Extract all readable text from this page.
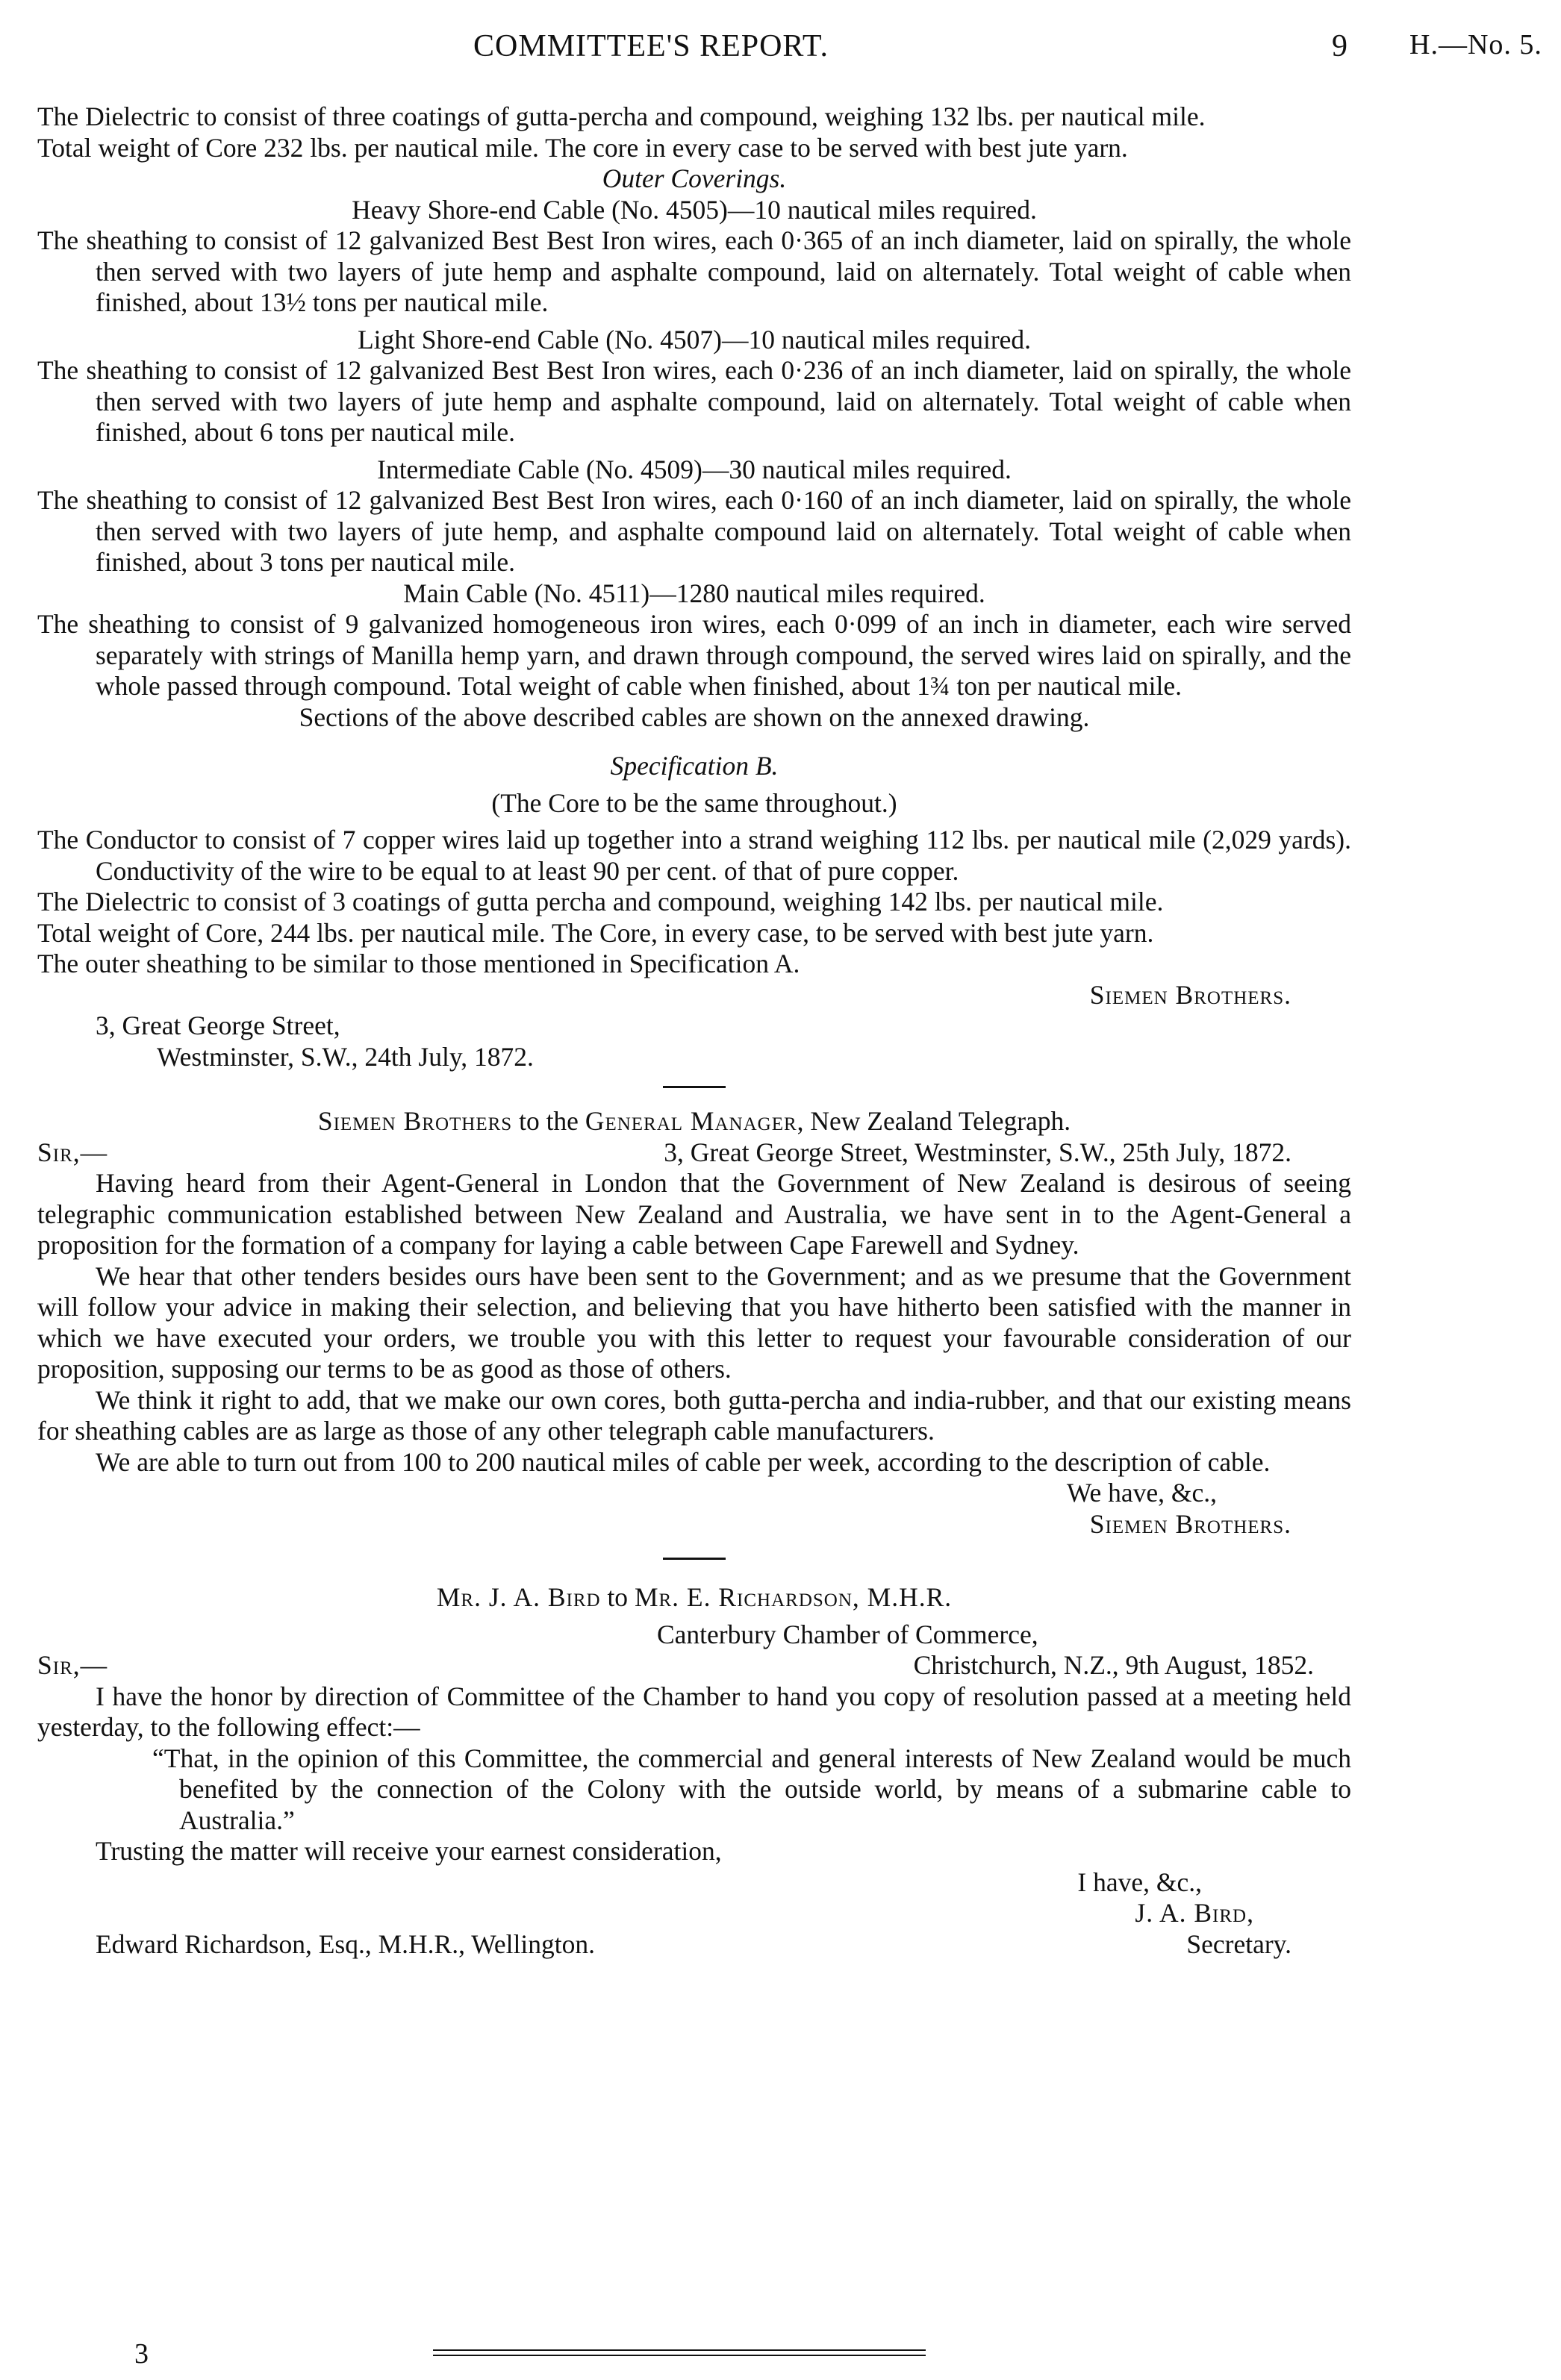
COMMITTEE'S REPORT.	9 H.—No. 5.

The Dielectric to consist of three coatings of gutta-percha and compound, weighing 132 lbs. per nautical mile.

Total weight of Core 232 lbs. per nautical mile. The core in every case to be served with best jute yarn.

Outer Coverings.

Heavy Shore-end Cable (No. 4505)—10 nautical miles required.

The sheathing to consist of 12 galvanized Best Best Iron wires, each 0·365 of an inch diameter, laid on spirally, the whole then served with two layers of jute hemp and asphalte compound, laid on alternately. Total weight of cable when finished, about 13½ tons per nautical mile.

Light Shore-end Cable (No. 4507)—10 nautical miles required.

The sheathing to consist of 12 galvanized Best Best Iron wires, each 0·236 of an inch diameter, laid on spirally, the whole then served with two layers of jute hemp and asphalte compound, laid on alternately. Total weight of cable when finished, about 6 tons per nautical mile.

Intermediate Cable (No. 4509)—30 nautical miles required.

The sheathing to consist of 12 galvanized Best Best Iron wires, each 0·160 of an inch diameter, laid on spirally, the whole then served with two layers of jute hemp, and asphalte compound laid on alternately. Total weight of cable when finished, about 3 tons per nautical mile.

Main Cable (No. 4511)—1280 nautical miles required.

The sheathing to consist of 9 galvanized homogeneous iron wires, each 0·099 of an inch in diameter, each wire served separately with strings of Manilla hemp yarn, and drawn through compound, the served wires laid on spirally, and the whole passed through compound. Total weight of cable when finished, about 1¾ ton per nautical mile.

Sections of the above described cables are shown on the annexed drawing.

Specification B.

(The Core to be the same throughout.)

The Conductor to consist of 7 copper wires laid up together into a strand weighing 112 lbs. per nautical mile (2,029 yards). Conductivity of the wire to be equal to at least 90 per cent. of that of pure copper.

The Dielectric to consist of 3 coatings of gutta percha and compound, weighing 142 lbs. per nautical mile.

Total weight of Core, 244 lbs. per nautical mile. The Core, in every case, to be served with best jute yarn.

The outer sheathing to be similar to those mentioned in Specification A.

Siemen Brothers.

3, Great George Street,

Westminster, S.W., 24th July, 1872.

Siemen Brothers to the General Manager, New Zealand Telegraph.

Sir,—	3, Great George Street, Westminster, S.W., 25th July, 1872.

Having heard from their Agent-General in London that the Government of New Zealand is desirous of seeing telegraphic communication established between New Zealand and Australia, we have sent in to the Agent-General a proposition for the formation of a company for laying a cable between Cape Farewell and Sydney.

We hear that other tenders besides ours have been sent to the Government; and as we presume that the Government will follow your advice in making their selection, and believing that you have hitherto been satisfied with the manner in which we have executed your orders, we trouble you with this letter to request your favourable consideration of our proposition, supposing our terms to be as good as those of others.

We think it right to add, that we make our own cores, both gutta-percha and india-rubber, and that our existing means for sheathing cables are as large as those of any other telegraph cable manufacturers.

We are able to turn out from 100 to 200 nautical miles of cable per week, according to the description of cable.

We have, &c.,

Siemen Brothers.

Mr. J. A. Bird to Mr. E. Richardson, M.H.R.

Canterbury Chamber of Commerce,

Sir,—	Christchurch, N.Z., 9th August, 1852.

I have the honor by direction of Committee of the Chamber to hand you copy of resolution passed at a meeting held yesterday, to the following effect:—

“That, in the opinion of this Committee, the commercial and general interests of New Zealand would be much benefited by the connection of the Colony with the outside world, by means of a submarine cable to Australia.”

Trusting the matter will receive your earnest consideration,

I have, &c.,

J. A. Bird,

Edward Richardson, Esq., M.H.R., Wellington.	Secretary.

3
